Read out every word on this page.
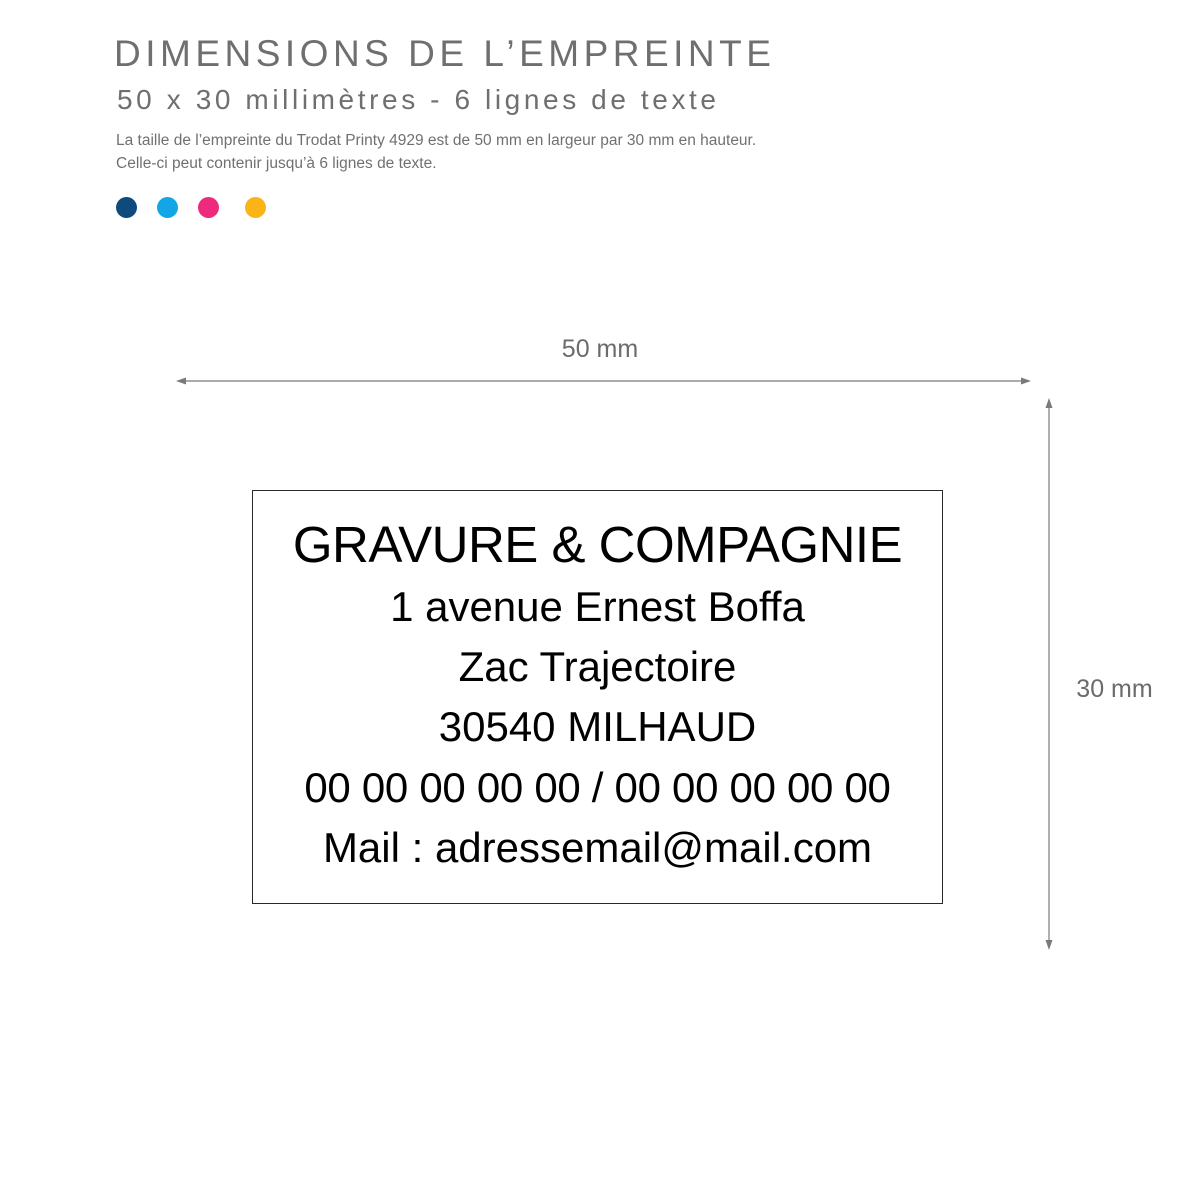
DIMENSIONS DE L’EMPREINTE
50 x 30 millimètres - 6 lignes de texte
La taille de l’empreinte du Trodat Printy 4929 est de 50 mm en largeur par 30 mm en hauteur.
Celle-ci peut contenir jusqu’à 6 lignes de texte.
50 mm
30 mm
GRAVURE & COMPAGNIE
1 avenue Ernest Boffa
Zac Trajectoire
30540 MILHAUD
00 00 00 00 00 / 00 00 00 00 00
Mail : adressemail@mail.com
